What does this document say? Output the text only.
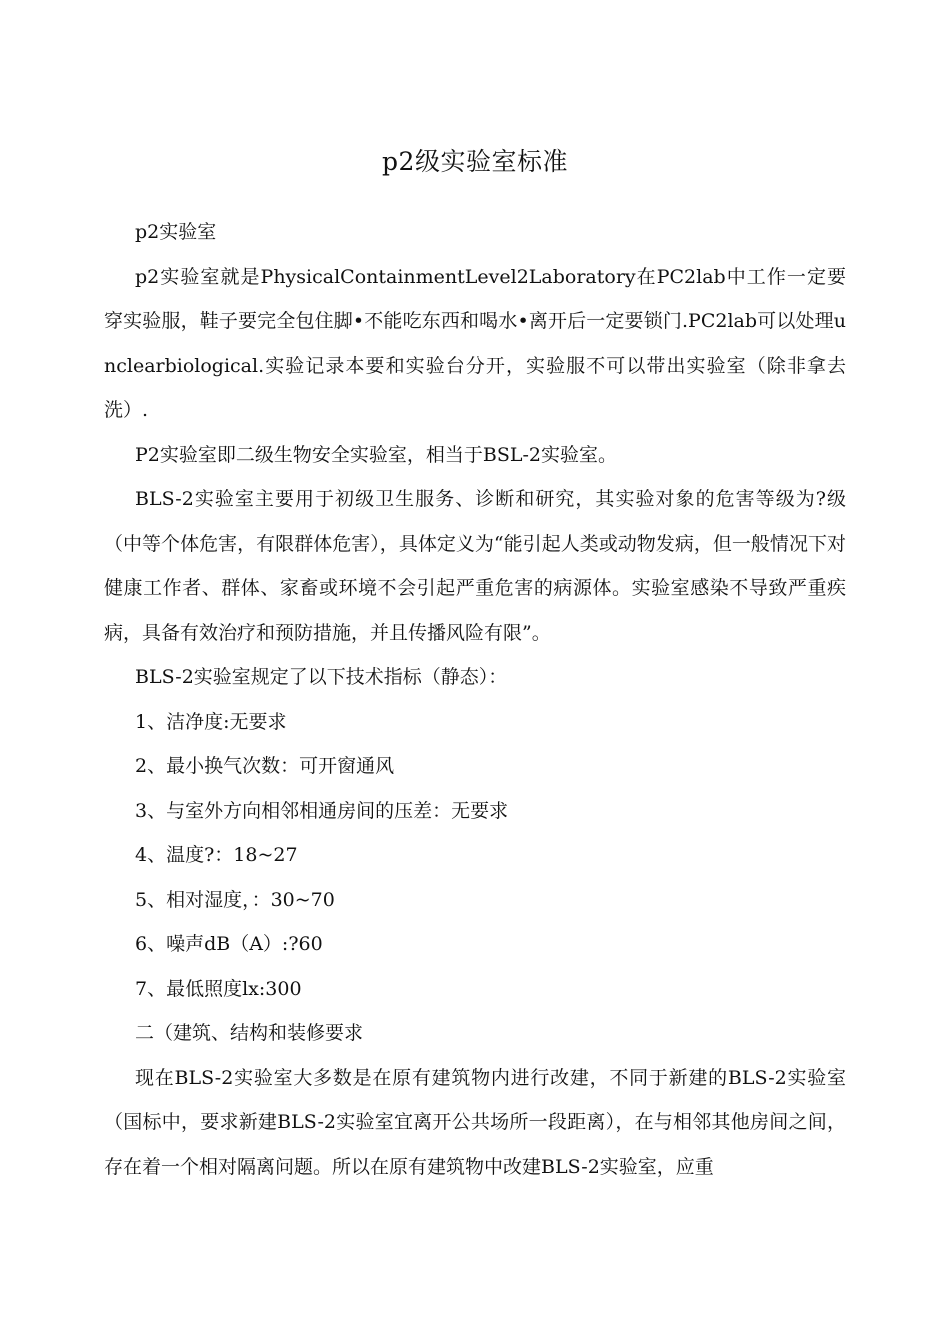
p2级实验室标准

p2实验室

p2实验室就是PhysicalContainmentLevel2Laboratory在PC2lab中工作一定要穿实验服，鞋子要完全包住脚•不能吃东西和喝水•离开后一定要锁门.PC2lab可以处理unclearbiological.实验记录本要和实验台分开，实验服不可以带出实验室（除非拿去洗）.

P2实验室即二级生物安全实验室，相当于BSL-2实验室。

BLS-2实验室主要用于初级卫生服务、诊断和研究，其实验对象的危害等级为?级（中等个体危害，有限群体危害），具体定义为“能引起人类或动物发病，但一般情况下对健康工作者、群体、家畜或环境不会引起严重危害的病源体。实验室感染不导致严重疾病，具备有效治疗和预防措施，并且传播风险有限”。

BLS-2实验室规定了以下技术指标（静态）：

1、洁净度:无要求

2、最小换气次数：可开窗通风

3、与室外方向相邻相通房间的压差：无要求

4、温度?：18~27

5、相对湿度，：30~70

6、噪声dB（A）:?60

7、最低照度lx:300

二（建筑、结构和装修要求

现在BLS-2实验室大多数是在原有建筑物内进行改建，不同于新建的BLS-2实验室（国标中，要求新建BLS-2实验室宜离开公共场所一段距离），在与相邻其他房间之间，存在着一个相对隔离问题。所以在原有建筑物中改建BLS-2实验室，应重
